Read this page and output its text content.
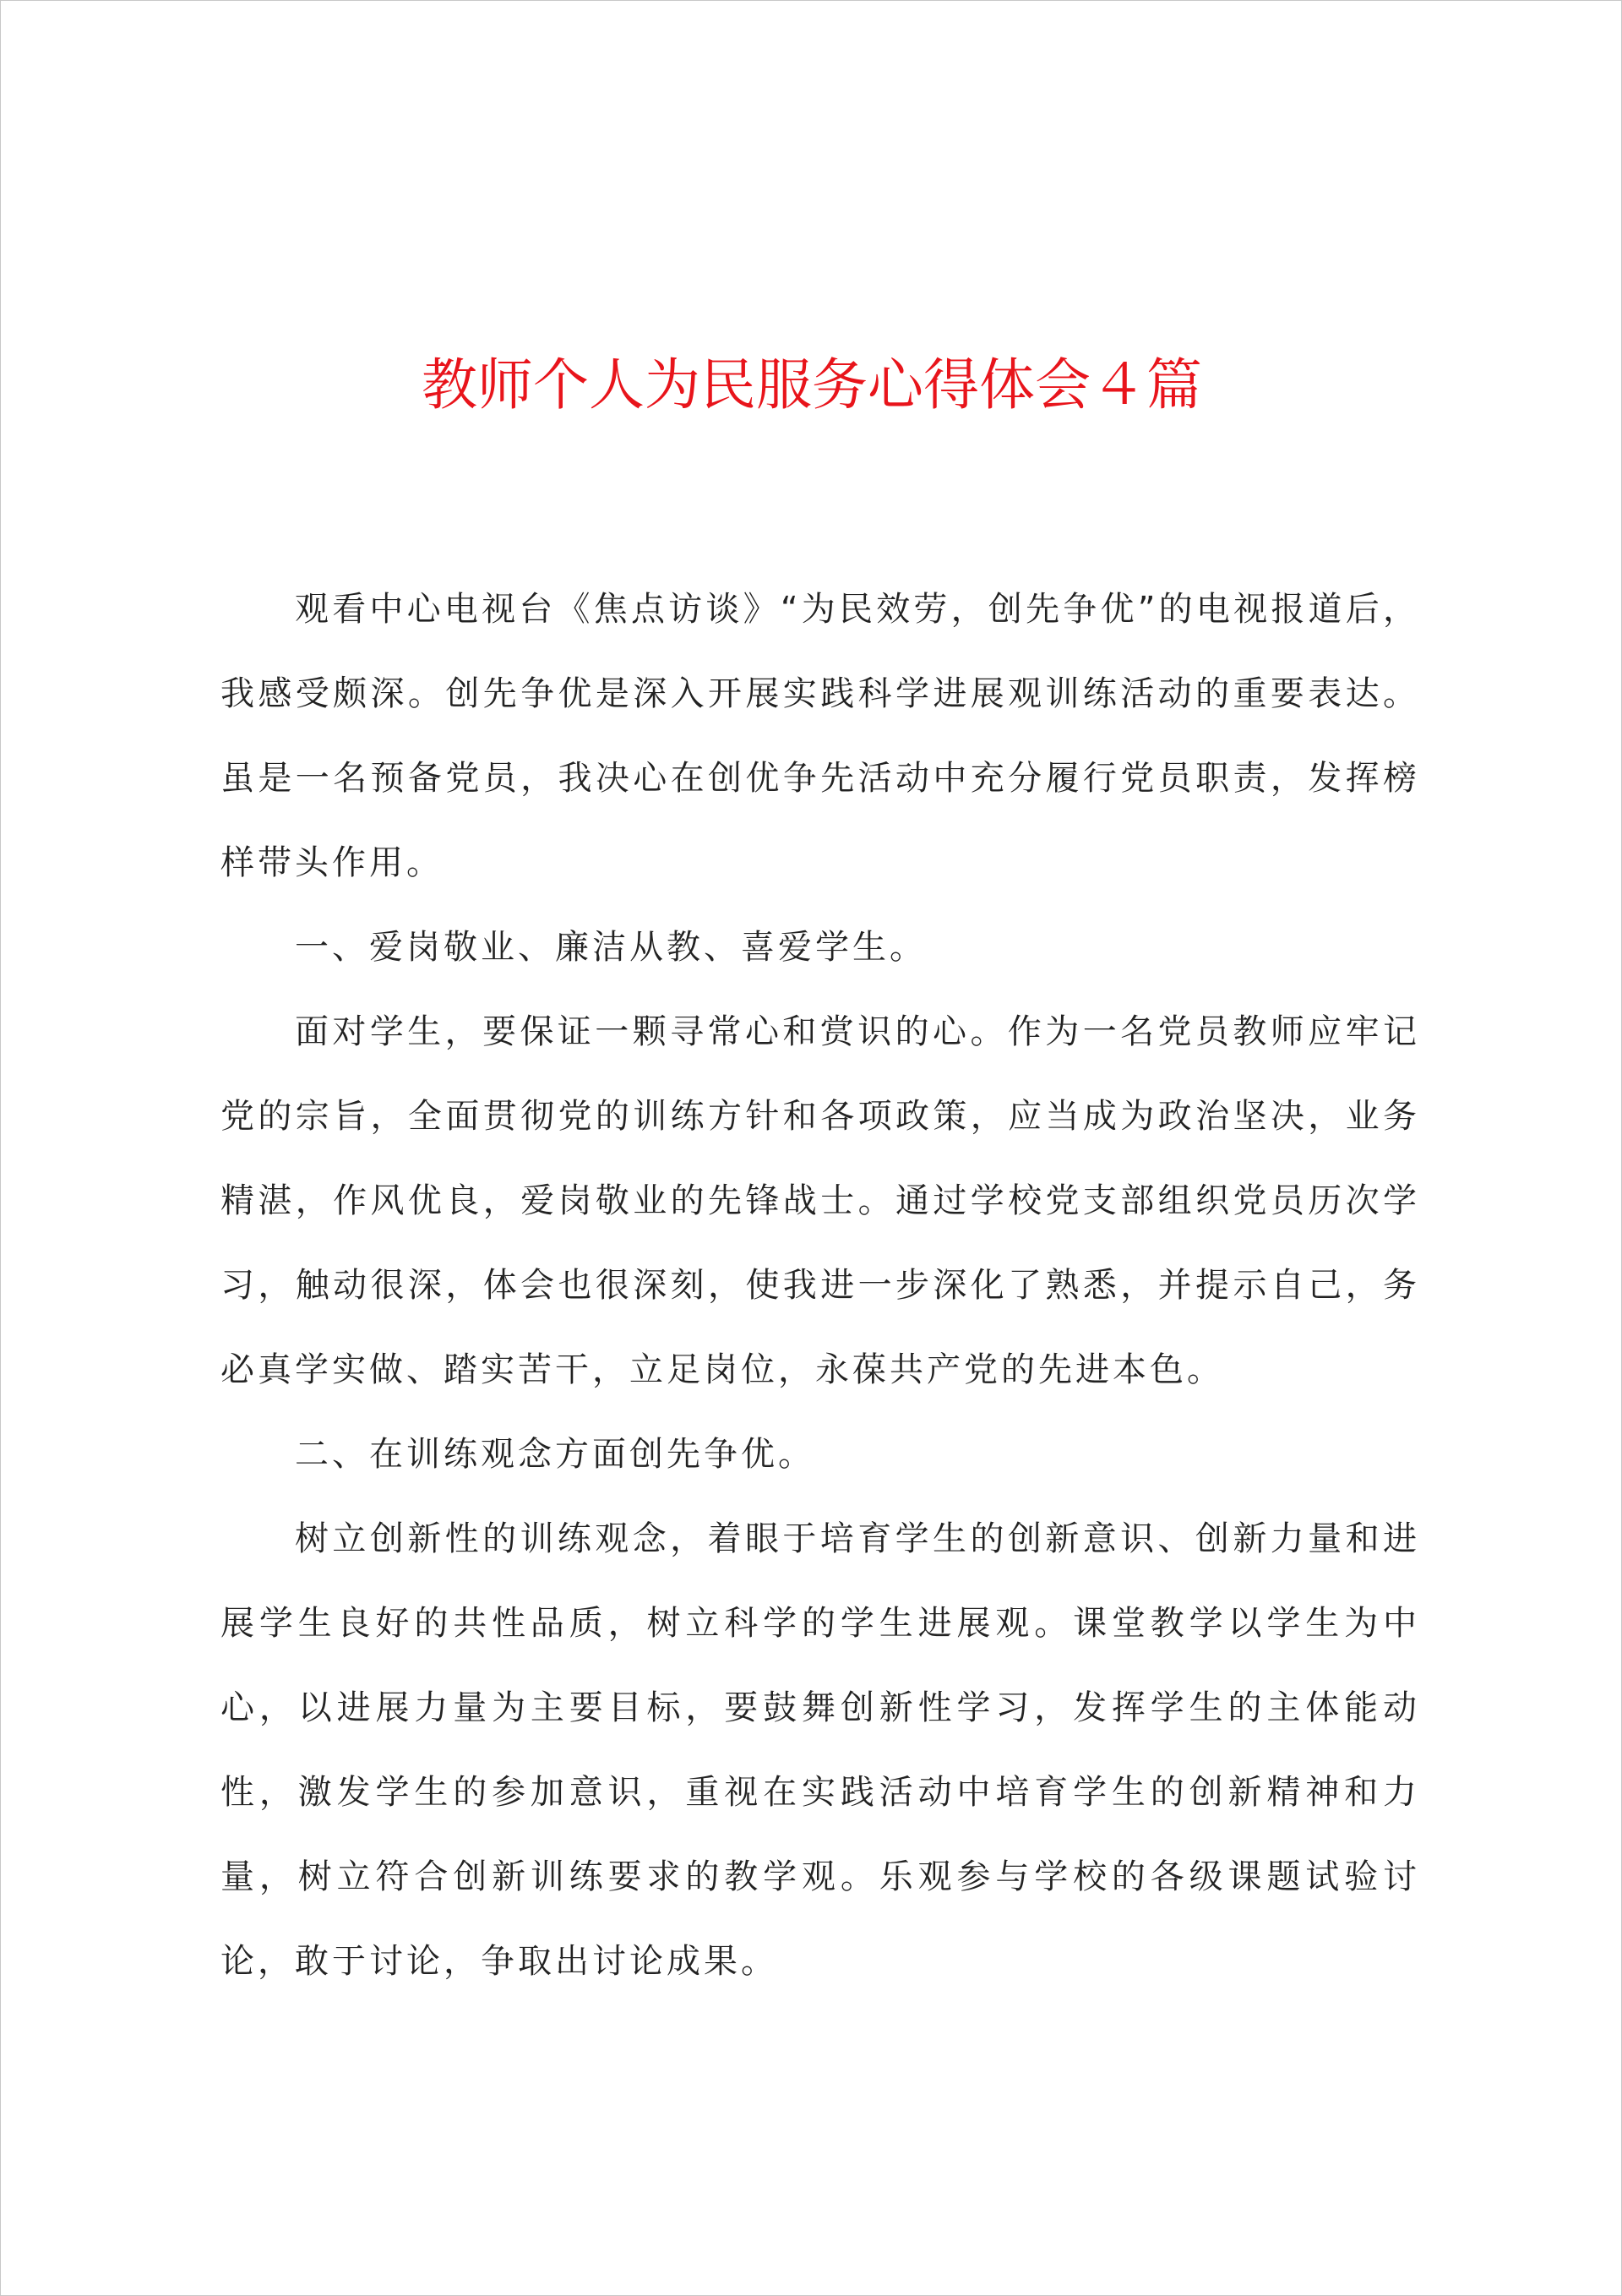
教师个人为民服务心得体会４篇

观看中心电视台《焦点访谈》“为民效劳，创先争优”的电视报道后，我感受颇深。创先争优是深入开展实践科学进展观训练活动的重要表达。虽是一名预备党员，我决心在创优争先活动中充分履行党员职责，发挥榜样带头作用。

一、爱岗敬业、廉洁从教、喜爱学生。

面对学生，要保证一颗寻常心和赏识的心。作为一名党员教师应牢记党的宗旨，全面贯彻党的训练方针和各项政策，应当成为政治坚决，业务精湛，作风优良，爱岗敬业的先锋战士。通过学校党支部组织党员历次学习，触动很深，体会也很深刻，使我进一步深化了熟悉，并提示自己，务必真学实做、踏实苦干，立足岗位，永葆共产党的先进本色。

二、在训练观念方面创先争优。

树立创新性的训练观念，着眼于培育学生的创新意识、创新力量和进展学生良好的共性品质，树立科学的学生进展观。课堂教学以学生为中心，以进展力量为主要目标，要鼓舞创新性学习，发挥学生的主体能动性，激发学生的参加意识，重视在实践活动中培育学生的创新精神和力量，树立符合创新训练要求的教学观。乐观参与学校的各级课题试验讨论，敢于讨论，争取出讨论成果。
